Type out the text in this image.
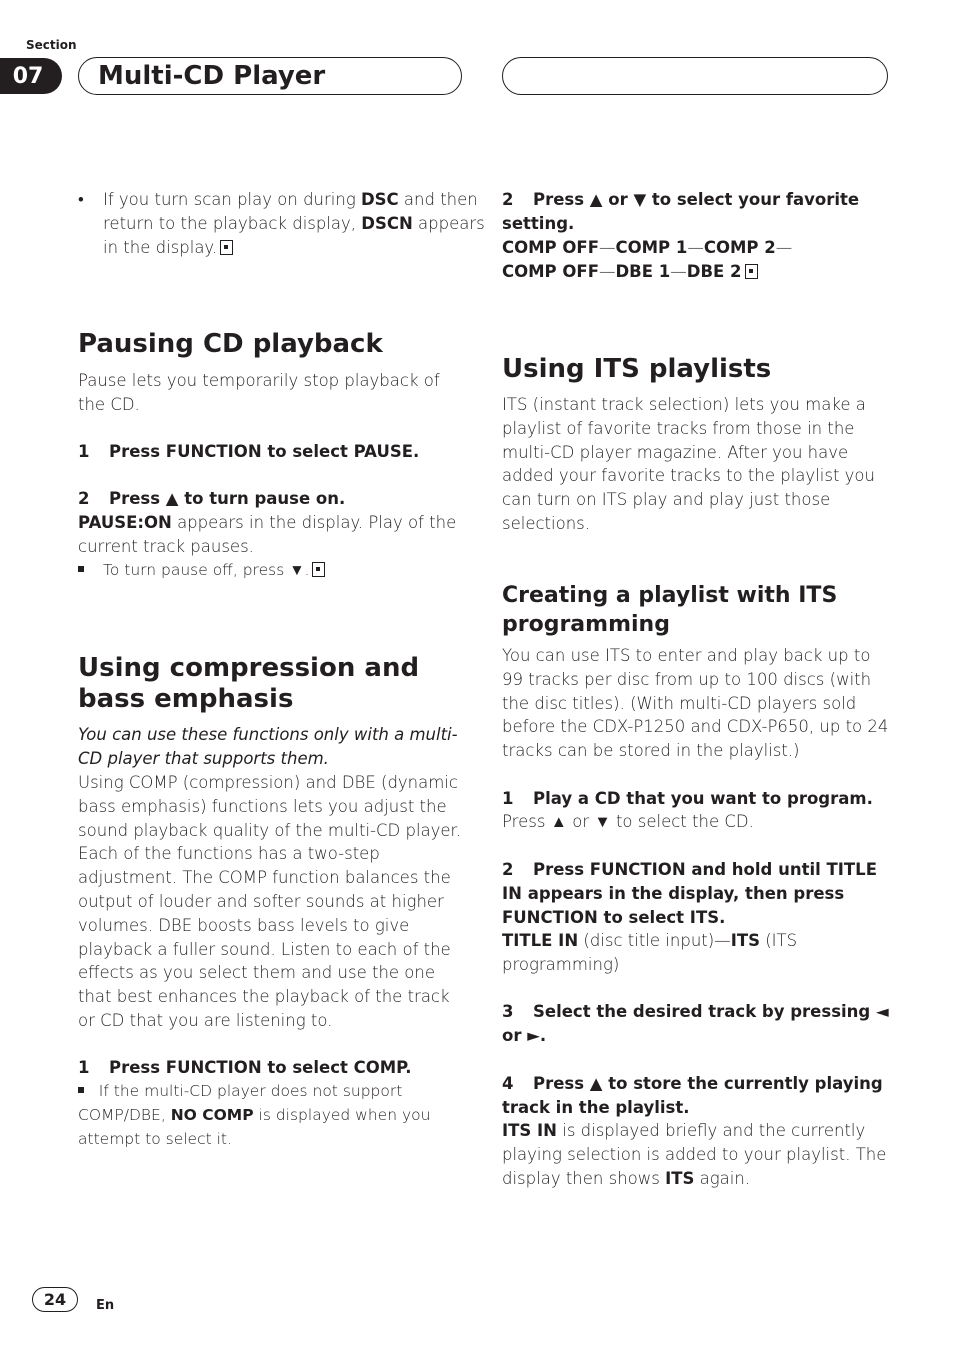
Section
07	Multi-CD Player
• If you turn scan play on during DSC and then return to the playback display, DSCN appears in the display.
Pausing CD playback
Pause lets you temporarily stop playback of the CD.
1 Press FUNCTION to select PAUSE.
2 Press ▲ to turn pause on.
PAUSE:ON appears in the display. Play of the current track pauses.
To turn pause off, press ▼.
Using compression and bass emphasis
You can use these functions only with a multi-CD player that supports them.
Using COMP (compression) and DBE (dynamic bass emphasis) functions lets you adjust the sound playback quality of the multi-CD player. Each of the functions has a two-step adjustment. The COMP function balances the output of louder and softer sounds at higher volumes. DBE boosts bass levels to give playback a fuller sound. Listen to each of the effects as you select them and use the one that best enhances the playback of the track or CD that you are listening to.
1 Press FUNCTION to select COMP.
If the multi-CD player does not support COMP/DBE, NO COMP is displayed when you attempt to select it.
2 Press ▲ or ▼ to select your favorite setting.
COMP OFF—COMP 1—COMP 2—
COMP OFF—DBE 1—DBE 2
Using ITS playlists
ITS (instant track selection) lets you make a playlist of favorite tracks from those in the multi-CD player magazine. After you have added your favorite tracks to the playlist you can turn on ITS play and play just those selections.
Creating a playlist with ITS programming
You can use ITS to enter and play back up to 99 tracks per disc from up to 100 discs (with the disc titles). (With multi-CD players sold before the CDX-P1250 and CDX-P650, up to 24 tracks can be stored in the playlist.)
1 Play a CD that you want to program.
Press ▲ or ▼ to select the CD.
2 Press FUNCTION and hold until TITLE IN appears in the display, then press FUNCTION to select ITS.
TITLE IN (disc title input)—ITS (ITS programming)
3 Select the desired track by pressing ◄ or ►.
4 Press ▲ to store the currently playing track in the playlist.
ITS IN is displayed briefly and the currently playing selection is added to your playlist. The display then shows ITS again.
24	En
